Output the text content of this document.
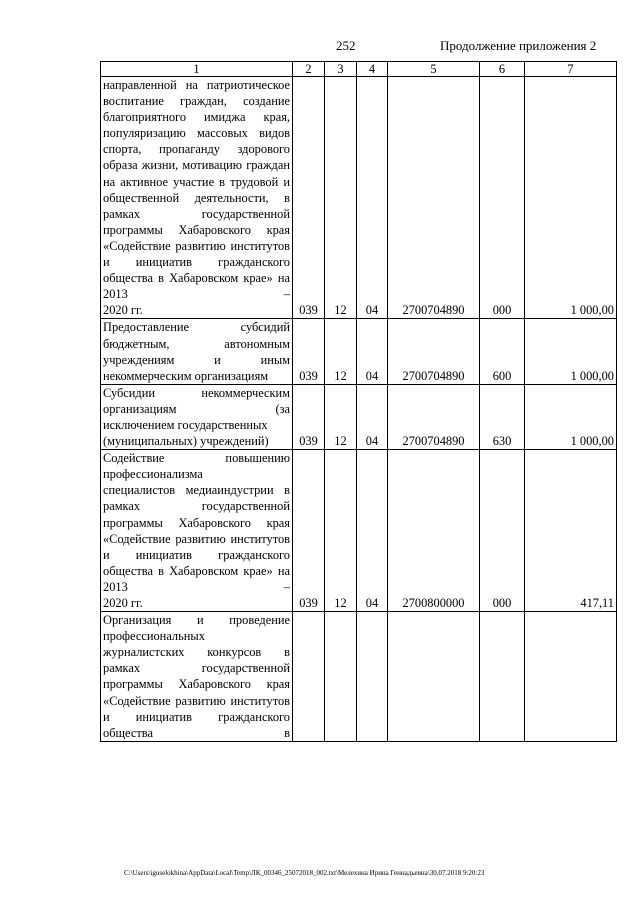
252	Продолжение приложения 2
1	2	3	4	5	6	7
направленной на патриотическое воспитание граждан, создание благоприятного имиджа края, популяризацию массовых видов спорта, пропаганду здорового образа жизни, мотивацию граждан на активное участие в трудовой и общественной деятельности, в рамках государственной программы Хабаровского края «Содействие развитию институтов и инициатив гражданского общества в Хабаровском крае» на 2013 –
2020 гг.	039	12	04	2700704890	000	1 000,00
Предоставление субсидий бюджетным, автономным учреждениям и иным
некоммерческим организациям	039	12	04	2700704890	600	1 000,00
Субсидии некоммерческим организациям (за
исключением государственных (муниципальных) учреждений)	039	12	04	2700704890	630	1 000,00
Содействие повышению
профессионализма
специалистов медиаиндустрии в рамках государственной программы Хабаровского края «Содействие развитию институтов и инициатив гражданского общества в Хабаровском крае» на 2013 –
2020 гг.	039	12	04	2700800000	000	417,11
Организация и проведение
профессиональных
журналистских конкурсов в рамках государственной программы Хабаровского края «Содействие развитию институтов и инициатив гражданского общества в						
C:\Users\iguselokhina\AppData\Local\Temp\ЛК_00346_25072018_002.txt\Мелехина Ирина Геннадьевна\30.07.2018 9:20:23
